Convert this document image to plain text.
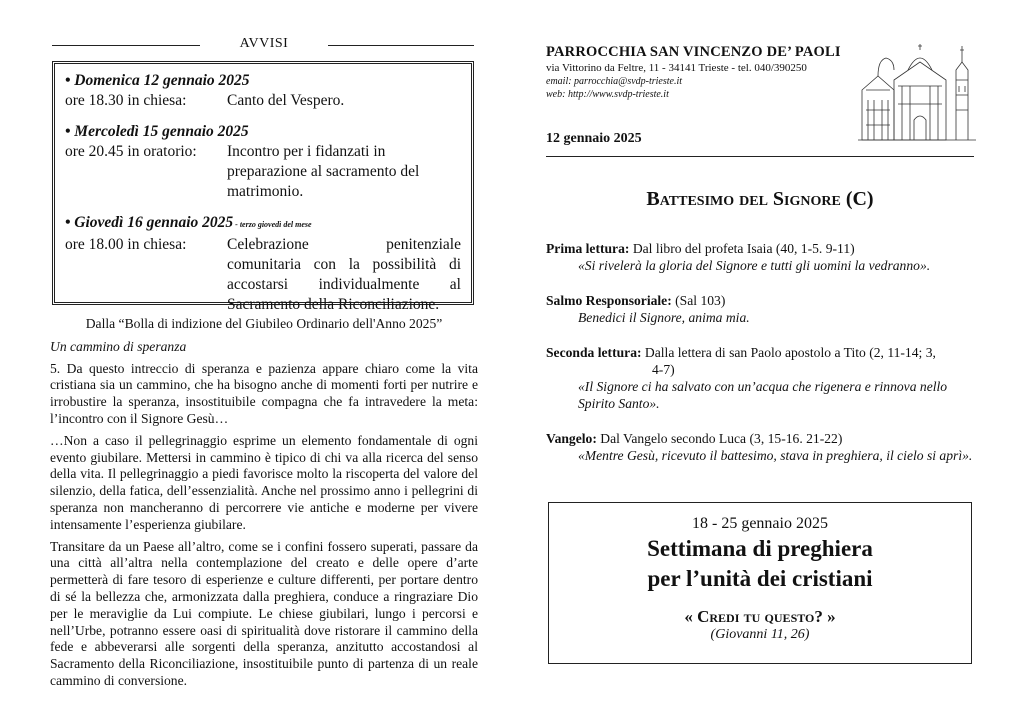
AVVISI
• Domenica 12 gennaio 2025
ore 18.30 in chiesa:	Canto del Vespero.
• Mercoledì 15 gennaio 2025
ore 20.45 in oratorio:	Incontro per i fidanzati in preparazione al sacramento del matrimonio.
• Giovedì 16 gennaio 2025 - terzo giovedì del mese
ore 18.00 in chiesa:	Celebrazione penitenziale comunitaria con la possibilità di accostarsi individualmente al Sacramento della Riconciliazione.

Dalla “Bolla di indizione del Giubileo Ordinario dell'Anno 2025”

Un cammino di speranza

5. Da questo intreccio di speranza e pazienza appare chiaro come la vita cristiana sia un cammino, che ha bisogno anche di momenti forti per nutrire e irrobustire la speranza, insostituibile compagna che fa intravedere la meta: l’incontro con il Signore Gesù…

…Non a caso il pellegrinaggio esprime un elemento fondamentale di ogni evento giubilare. Mettersi in cammino è tipico di chi va alla ricerca del senso della vita. Il pellegrinaggio a piedi favorisce molto la riscoperta del valore del silenzio, della fatica, dell’essenzialità. Anche nel prossimo anno i pellegrini di speranza non mancheranno di percorrere vie antiche e moderne per vivere intensamente l’esperienza giubilare.

Transitare da un Paese all’altro, come se i confini fossero superati, passare da una città all’altra nella contemplazione del creato e delle opere d’arte permetterà di fare tesoro di esperienze e culture differenti, per portare dentro di sé la bellezza che, armonizzata dalla preghiera, conduce a ringraziare Dio per le meraviglie da Lui compiute. Le chiese giubilari, lungo i percorsi e nell’Urbe, potranno essere oasi di spiritualità dove ristorare il cammino della fede e abbeverarsi alle sorgenti della speranza, anzitutto accostandosi al Sacramento della Riconciliazione, insostituibile punto di partenza di un reale cammino di conversione.

PARROCCHIA SAN VINCENZO DE’ PAOLI
via Vittorino da Feltre, 11 - 34141 Trieste - tel. 040/390250
email: parrocchia@svdp-trieste.it
web: http://www.svdp-trieste.it
12 gennaio 2025
Battesimo del Signore (C)
Prima lettura: Dal libro del profeta Isaia (40, 1-5. 9-11)
«Si rivelerà la gloria del Signore e tutti gli uomini la vedranno».
Salmo Responsoriale: (Sal 103)
Benedici il Signore, anima mia.
Seconda lettura: Dalla lettera di san Paolo apostolo a Tito (2, 11-14; 3,
4-7)
«Il Signore ci ha salvato con un’acqua che rigenera e rinnova nello Spirito Santo».
Vangelo: Dal Vangelo secondo Luca (3, 15-16. 21-22)
«Mentre Gesù, ricevuto il battesimo, stava in preghiera, il cielo si aprì».
18 - 25 gennaio 2025
Settimana di preghiera
per l’unità dei cristiani
« Credi tu questo? »
(Giovanni 11, 26)
